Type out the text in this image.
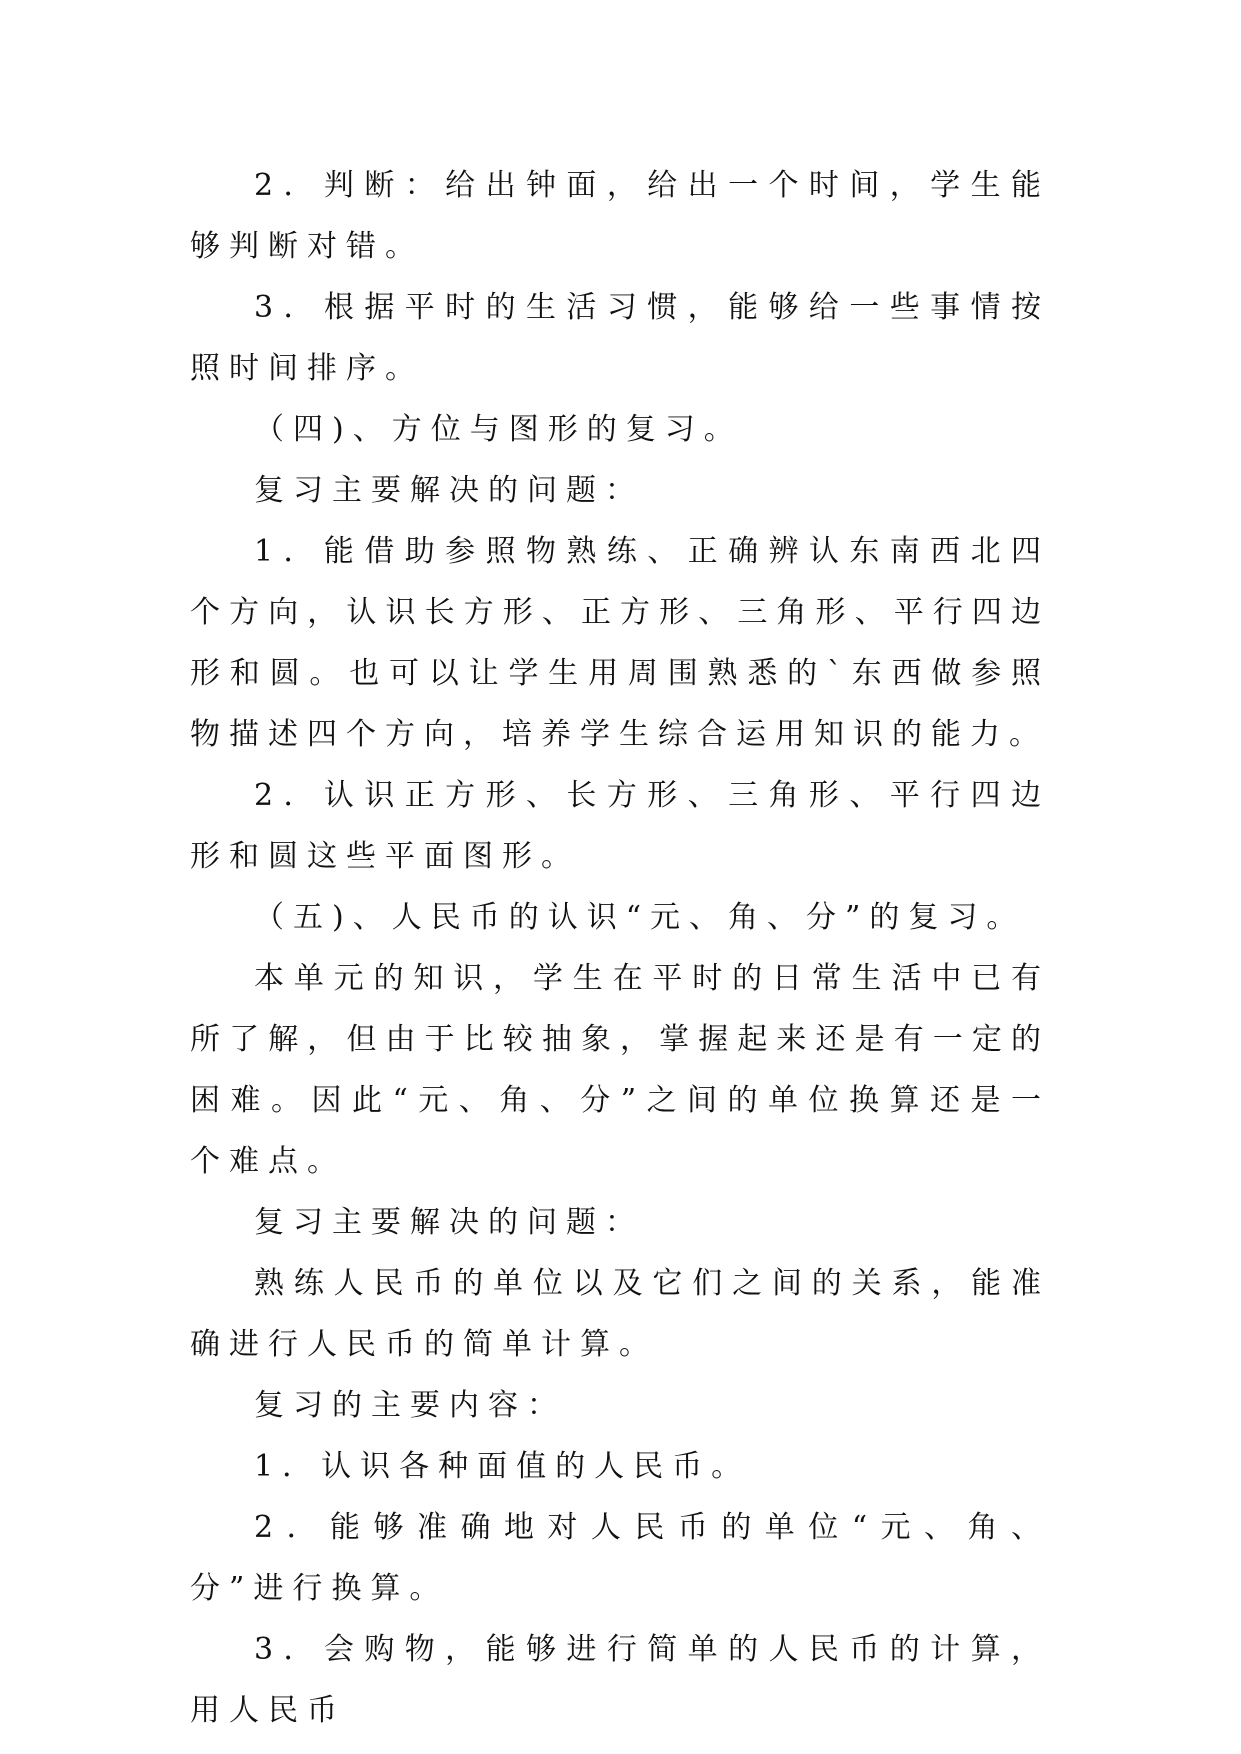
2．判断：给出钟面，给出一个时间，学生能够判断对错。

3．根据平时的生活习惯，能够给一些事情按照时间排序。

（四)、方位与图形的复习。

复习主要解决的问题：

1．能借助参照物熟练、正确辨认东南西北四个方向，认识长方形、正方形、三角形、平行四边形和圆。也可以让学生用周围熟悉的`东西做参照物描述四个方向，培养学生综合运用知识的能力。

2．认识正方形、长方形、三角形、平行四边形和圆这些平面图形。

（五)、人民币的认识“元、角、分”的复习。

本单元的知识，学生在平时的日常生活中已有所了解，但由于比较抽象，掌握起来还是有一定的困难。因此“元、角、分”之间的单位换算还是一个难点。

复习主要解决的问题：

熟练人民币的单位以及它们之间的关系，能准确进行人民币的简单计算。

复习的主要内容：

1．认识各种面值的人民币。

2．能够准确地对人民币的单位“元、角、分”进行换算。

3．会购物，能够进行简单的人民币的计算，用人民币
